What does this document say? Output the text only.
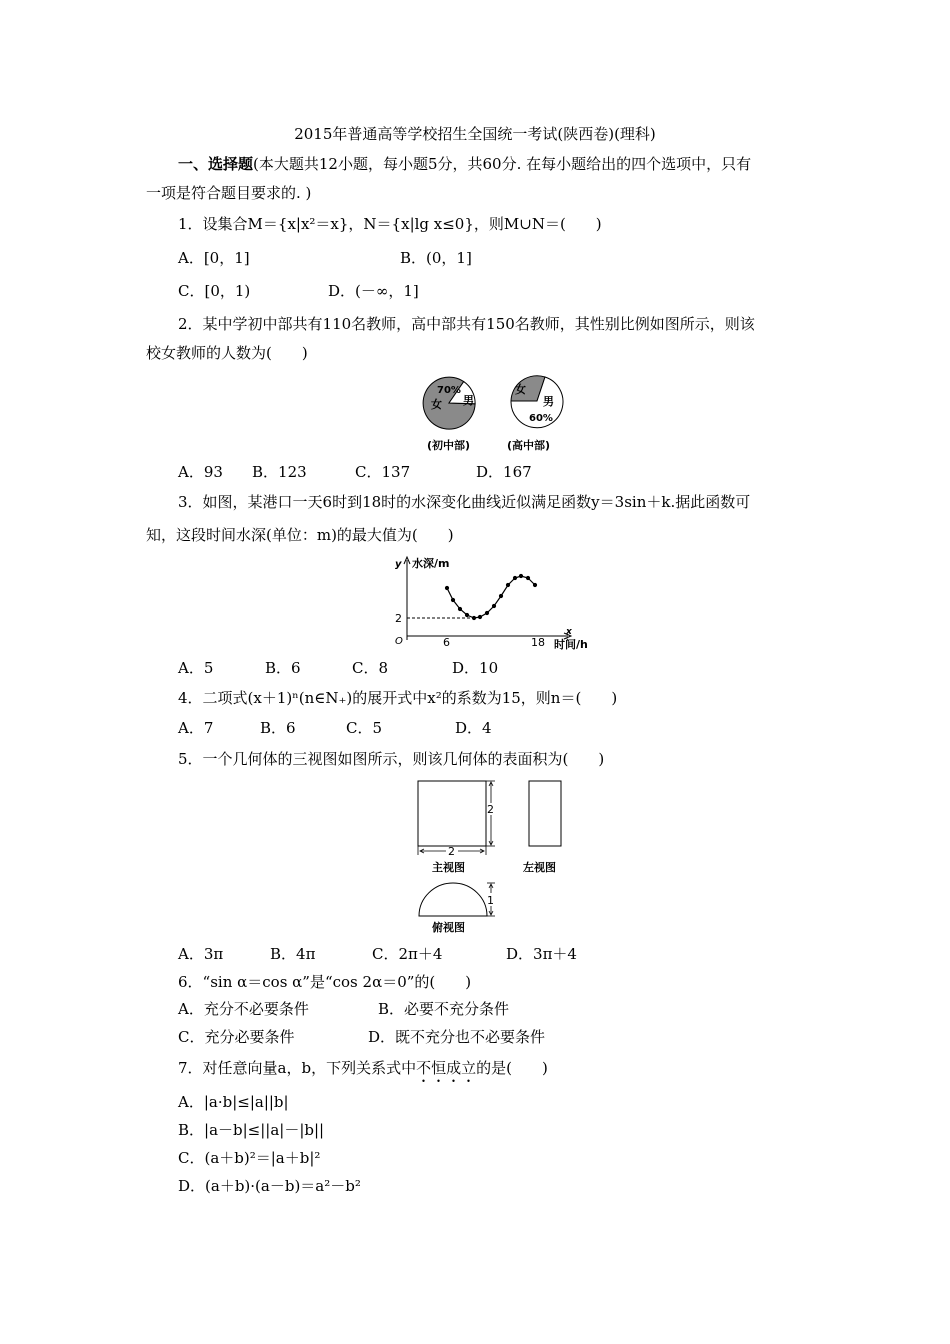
2015年普通高等学校招生全国统一考试(陕西卷)(理科)
一、选择题(本大题共12小题，每小题5分，共60分. 在每小题给出的四个选项中，只有
一项是符合题目要求的. )
1．设集合M＝{x|x²＝x}，N＝{x|lg x≤0}，则M∪N＝(　　)
A．[0，1]	B．(0，1]
C．[0，1)	D．(－∞，1]
2．某中学初中部共有110名教师，高中部共有150名教师，其性别比例如图所示，则该
校女教师的人数为(　　)
70%
女 男
(初中部)
女
男
60%
(高中部)
A．93 B．123	C．137	D．167
3．如图，某港口一天6时到18时的水深变化曲线近似满足函数y＝3sin＋k.据此函数可
知，这段时间水深(单位：m)的最大值为(　　)
y 水深/m
2
O	6	18
x
时间/h
A．5	B．6	C．8	D．10
4．二项式(x＋1)ⁿ(n∈N₊)的展开式中x²的系数为15，则n＝(　　)
A．7	B．6	C．5	D．4
5．一个几何体的三视图如图所示，则该几何体的表面积为(　　)
2
2
主视图	左视图
1
俯视图
A．3π	B．4π	C．2π＋4	D．3π＋4
6．“sin α＝cos α”是“cos 2α＝0”的(　　)
A．充分不必要条件	B．必要不充分条件
C．充分必要条件	D．既不充分也不必要条件
7．对任意向量a，b，下列关系式中不恒成立的是(　　)
A．|a·b|≤|a||b|
B．|a－b|≤||a|－|b||
C．(a＋b)²＝|a＋b|²
D．(a＋b)·(a－b)＝a²－b²
